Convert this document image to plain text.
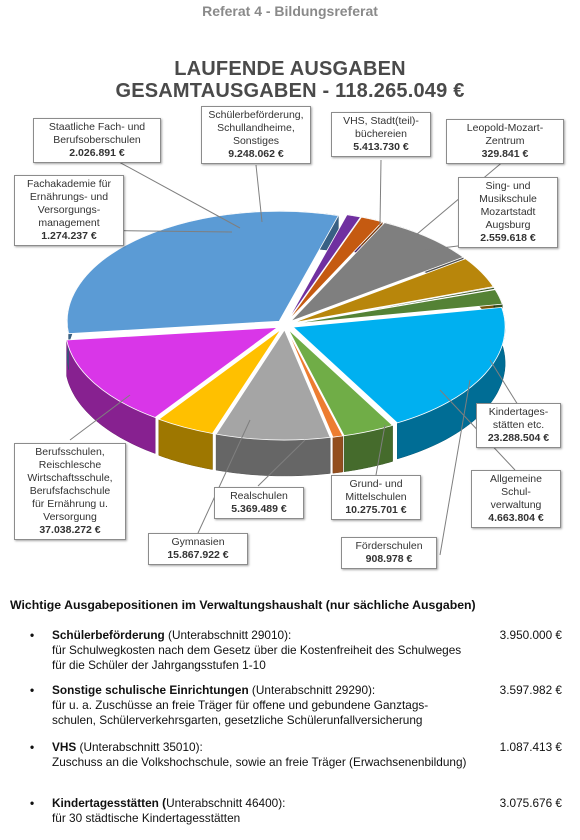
Referat 4 - Bildungsreferat
LAUFENDE AUSGABEN
GESAMTAUSGABEN - 118.265.049 €
Staatliche Fach- und
Berufsoberschulen
2.026.891 €
Schülerbeförderung,
Schullandheime,
Sonstiges
9.248.062 €
VHS, Stadt(teil)-
büchereien
5.413.730 €
Leopold-Mozart-
Zentrum
329.841 €
Fachakademie für
Ernährungs- und
Versorgungs-
management
1.274.237 €
Sing- und
Musikschule
Mozartstadt
Augsburg
2.559.618 €
Kindertages-
stätten etc.
23.288.504 €
Allgemeine
Schul-
verwaltung
4.663.804 €
Berufsschulen,
Reischlesche
Wirtschaftsschule,
Berufsfachschule
für Ernährung u.
Versorgung
37.038.272 €
Realschulen
5.369.489 €
Grund- und
Mittelschulen
10.275.701 €
Gymnasien
15.867.922 €
Förderschulen
908.978 €
Wichtige Ausgabepositionen im Verwaltungshaushalt (nur sächliche Ausgaben)
• Schülerbeförderung (Unterabschnitt 29010):
für Schulwegkosten nach dem Gesetz über die Kostenfreiheit des Schulweges für die Schüler der Jahrgangsstufen 1-10
3.950.000 €
• Sonstige schulische Einrichtungen (Unterabschnitt 29290):
für u. a. Zuschüsse an freie Träger für offene und gebundene Ganztags-schulen, Schülerverkehrsgarten, gesetzliche Schülerunfallversicherung
3.597.982 €
• VHS (Unterabschnitt 35010):
Zuschuss an die Volkshochschule, sowie an freie Träger (Erwachsenenbildung)
1.087.413 €
• Kindertagesstätten (Unterabschnitt 46400):
für 30 städtische Kindertagesstätten
3.075.676 €
